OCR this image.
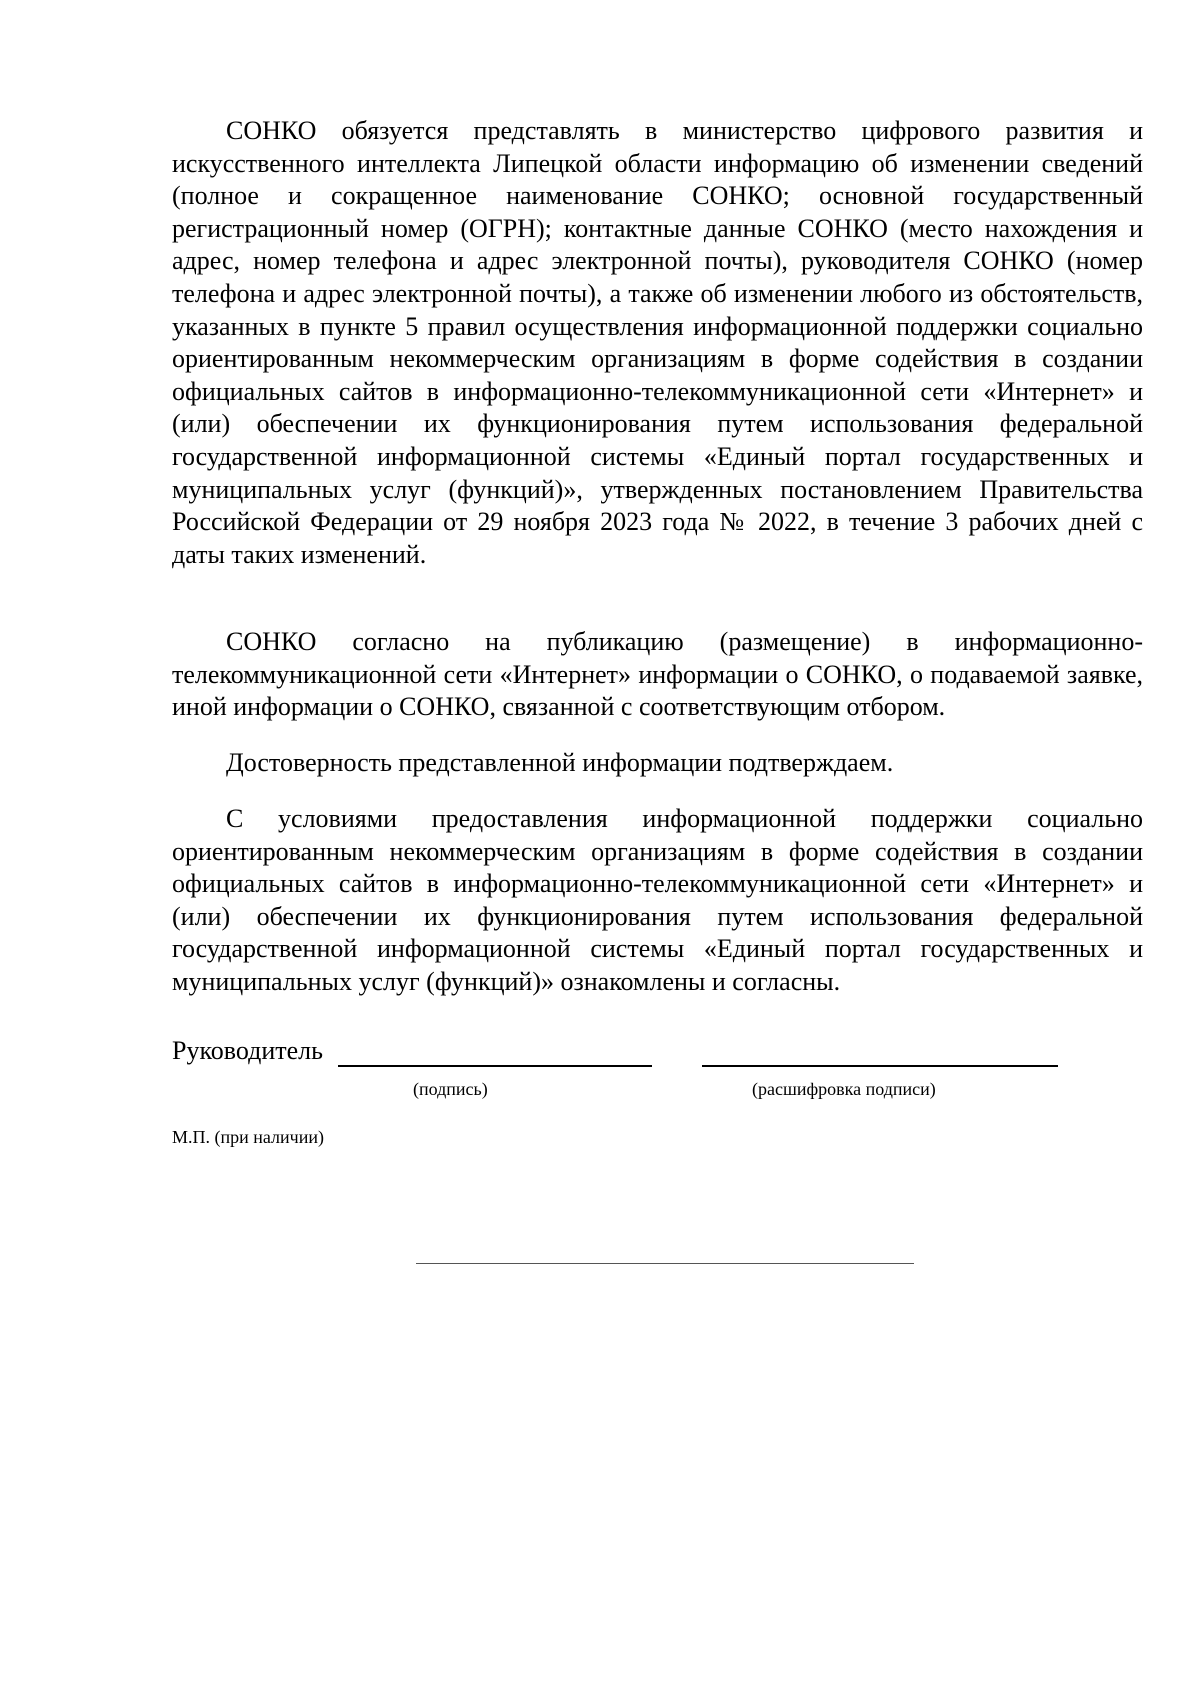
СОНКО обязуется представлять в министерство цифрового развития и искусственного интеллекта Липецкой области информацию об изменении сведений (полное и сокращенное наименование СОНКО; основной государственный регистрационный номер (ОГРН); контактные данные СОНКО (место нахождения и адрес, номер телефона и адрес электронной почты), руководителя СОНКО (номер телефона и адрес электронной почты), а также об изменении любого из обстоятельств, указанных в пункте 5 правил осуществления информационной поддержки социально ориентированным некоммерческим организациям в форме содействия в создании официальных сайтов в информационно-телекоммуникационной сети «Интернет» и (или) обеспечении их функционирования путем использования федеральной государственной информационной системы «Единый портал государственных и муниципальных услуг (функций)», утвержденных постановлением Правительства Российской Федерации от 29 ноября 2023 года № 2022, в течение 3 рабочих дней с даты таких изменений.

СОНКО согласно на публикацию (размещение) в информационно-телекоммуникационной сети «Интернет» информации о СОНКО, о подаваемой заявке, иной информации о СОНКО, связанной с соответствующим отбором.

Достоверность представленной информации подтверждаем.

С условиями предоставления информационной поддержки социально ориентированным некоммерческим организациям в форме содействия в создании официальных сайтов в информационно-телекоммуникационной сети «Интернет» и (или) обеспечении их функционирования путем использования федеральной государственной информационной системы «Единый портал государственных и муниципальных услуг (функций)» ознакомлены и согласны.

Руководитель
(подпись)	(расшифровка подписи)
М.П. (при наличии)
